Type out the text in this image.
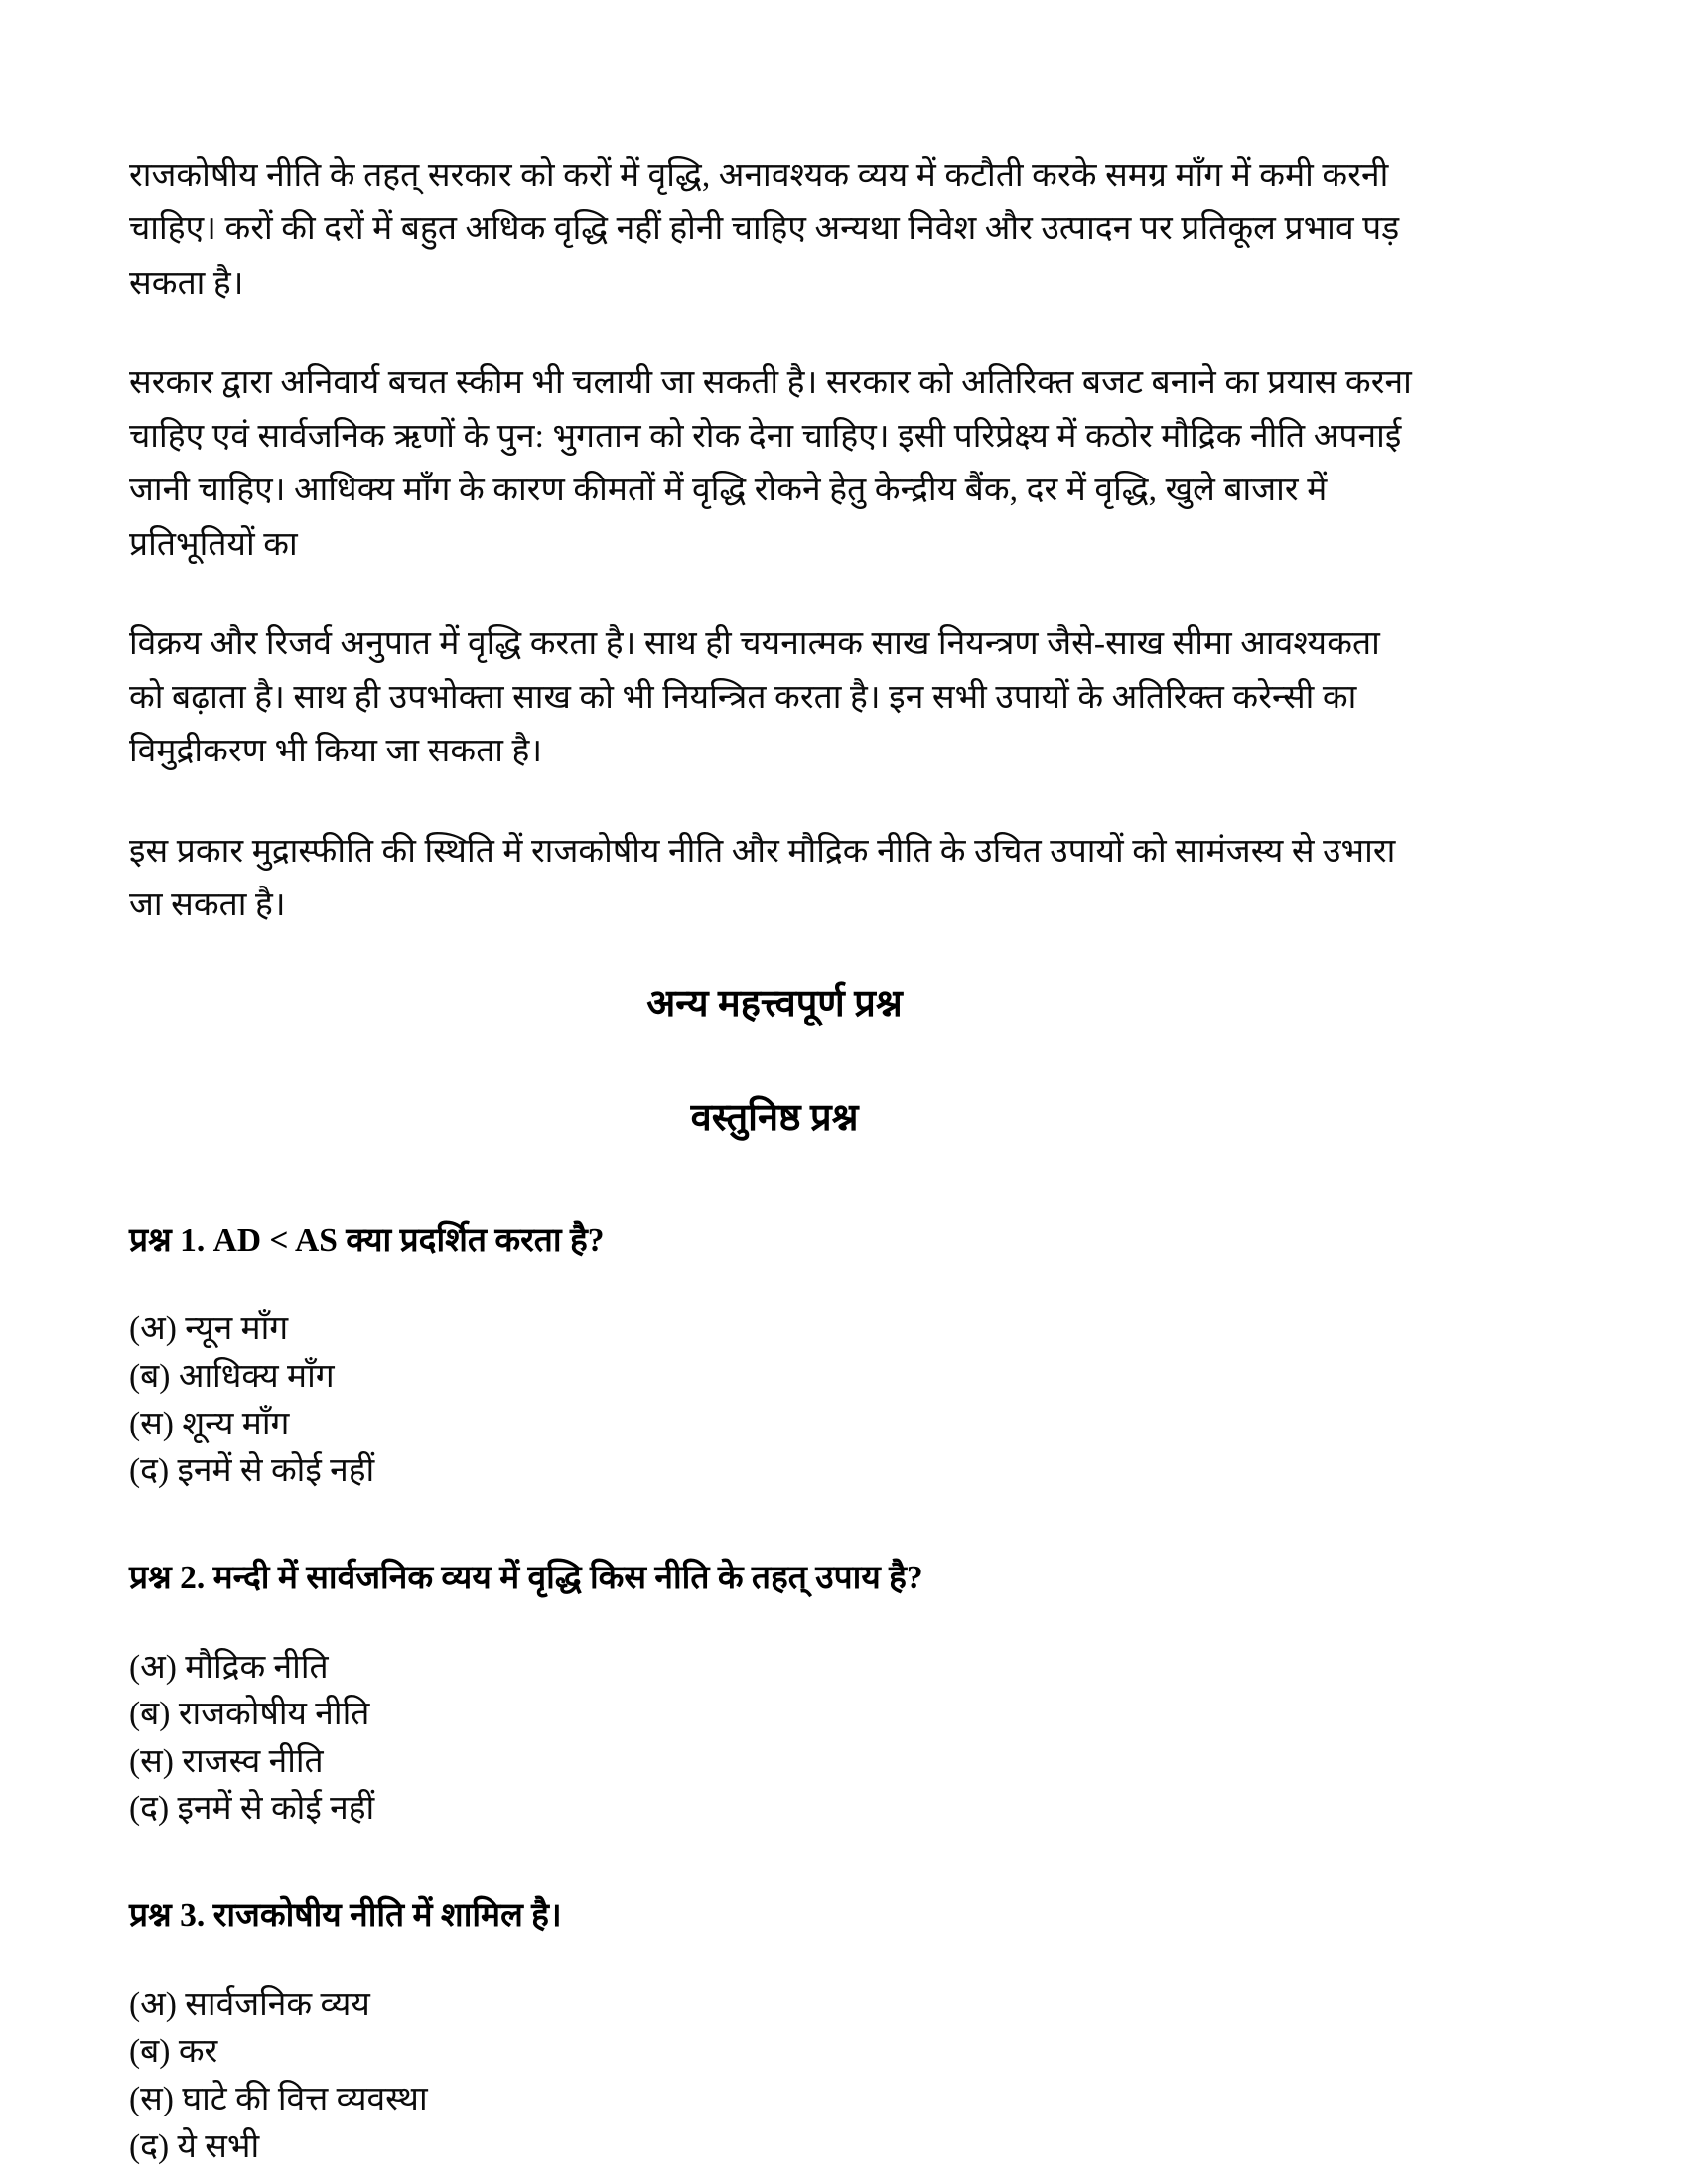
राजकोषीय नीति के तहत् सरकार को करों में वृद्धि, अनावश्यक व्यय में कटौती करके समग्र माँग में कमी करनी चाहिए। करों की दरों में बहुत अधिक वृद्धि नहीं होनी चाहिए अन्यथा निवेश और उत्पादन पर प्रतिकूल प्रभाव पड़ सकता है।

सरकार द्वारा अनिवार्य बचत स्कीम भी चलायी जा सकती है। सरकार को अतिरिक्त बजट बनाने का प्रयास करना चाहिए एवं सार्वजनिक ऋणों के पुन: भुगतान को रोक देना चाहिए। इसी परिप्रेक्ष्य में कठोर मौद्रिक नीति अपनाई जानी चाहिए। आधिक्य माँग के कारण कीमतों में वृद्धि रोकने हेतु केन्द्रीय बैंक, दर में वृद्धि, खुले बाजार में प्रतिभूतियों का

विक्रय और रिजर्व अनुपात में वृद्धि करता है। साथ ही चयनात्मक साख नियन्त्रण जैसे-साख सीमा आवश्यकता को बढ़ाता है। साथ ही उपभोक्ता साख को भी नियन्त्रित करता है। इन सभी उपायों के अतिरिक्त करेन्सी का विमुद्रीकरण भी किया जा सकता है।

इस प्रकार मुद्रास्फीति की स्थिति में राजकोषीय नीति और मौद्रिक नीति के उचित उपायों को सामंजस्य से उभारा जा सकता है।

अन्य महत्त्वपूर्ण प्रश्न
वस्तुनिष्ठ प्रश्न
प्रश्न 1. AD < AS क्या प्रदर्शित करता है?
(अ) न्यून माँग
(ब) आधिक्य माँग
(स) शून्य माँग
(द) इनमें से कोई नहीं
प्रश्न 2. मन्दी में सार्वजनिक व्यय में वृद्धि किस नीति के तहत् उपाय है?
(अ) मौद्रिक नीति
(ब) राजकोषीय नीति
(स) राजस्व नीति
(द) इनमें से कोई नहीं
प्रश्न 3. राजकोषीय नीति में शामिल है।
(अ) सार्वजनिक व्यय
(ब) कर
(स) घाटे की वित्त व्यवस्था
(द) ये सभी
